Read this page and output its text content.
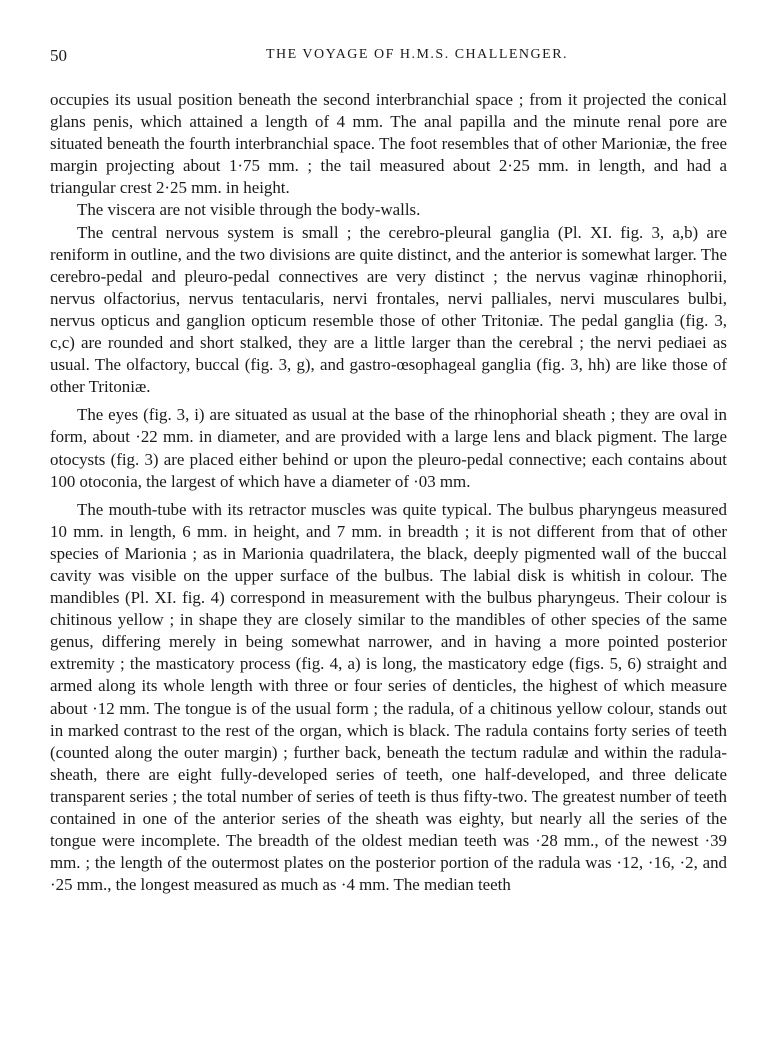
50	THE VOYAGE OF H.M.S. CHALLENGER.

occupies its usual position beneath the second interbranchial space ; from it projected the conical glans penis, which attained a length of 4 mm. The anal papilla and the minute renal pore are situated beneath the fourth interbranchial space. The foot resembles that of other Marioniæ, the free margin projecting about 1·75 mm. ; the tail measured about 2·25 mm. in length, and had a triangular crest 2·25 mm. in height.

The viscera are not visible through the body-walls.

The central nervous system is small ; the cerebro-pleural ganglia (Pl. XI. fig. 3, a,b) are reniform in outline, and the two divisions are quite distinct, and the anterior is somewhat larger. The cerebro-pedal and pleuro-pedal connectives are very distinct ; the nervus vaginæ rhinophorii, nervus olfactorius, nervus tentacularis, nervi frontales, nervi palliales, nervi musculares bulbi, nervus opticus and ganglion opticum resemble those of other Tritoniæ. The pedal ganglia (fig. 3, c,c) are rounded and short stalked, they are a little larger than the cerebral ; the nervi pediaei as usual. The olfactory, buccal (fig. 3, g), and gastro-œsophageal ganglia (fig. 3, hh) are like those of other Tritoniæ.

The eyes (fig. 3, i) are situated as usual at the base of the rhinophorial sheath ; they are oval in form, about ·22 mm. in diameter, and are provided with a large lens and black pigment. The large otocysts (fig. 3) are placed either behind or upon the pleuro-pedal connective; each contains about 100 otoconia, the largest of which have a diameter of ·03 mm.

The mouth-tube with its retractor muscles was quite typical. The bulbus pharyngeus measured 10 mm. in length, 6 mm. in height, and 7 mm. in breadth ; it is not different from that of other species of Marionia ; as in Marionia quadrilatera, the black, deeply pigmented wall of the buccal cavity was visible on the upper surface of the bulbus. The labial disk is whitish in colour. The mandibles (Pl. XI. fig. 4) correspond in measurement with the bulbus pharyngeus. Their colour is chitinous yellow ; in shape they are closely similar to the mandibles of other species of the same genus, differing merely in being somewhat narrower, and in having a more pointed posterior extremity ; the masticatory process (fig. 4, a) is long, the masticatory edge (figs. 5, 6) straight and armed along its whole length with three or four series of denticles, the highest of which measure about ·12 mm. The tongue is of the usual form ; the radula, of a chitinous yellow colour, stands out in marked contrast to the rest of the organ, which is black. The radula contains forty series of teeth (counted along the outer margin) ; further back, beneath the tectum radulæ and within the radula-sheath, there are eight fully-developed series of teeth, one half-developed, and three delicate transparent series ; the total number of series of teeth is thus fifty-two. The greatest number of teeth contained in one of the anterior series of the sheath was eighty, but nearly all the series of the tongue were incomplete. The breadth of the oldest median teeth was ·28 mm., of the newest ·39 mm. ; the length of the outermost plates on the posterior portion of the radula was ·12, ·16, ·2, and ·25 mm., the longest measured as much as ·4 mm. The median teeth
